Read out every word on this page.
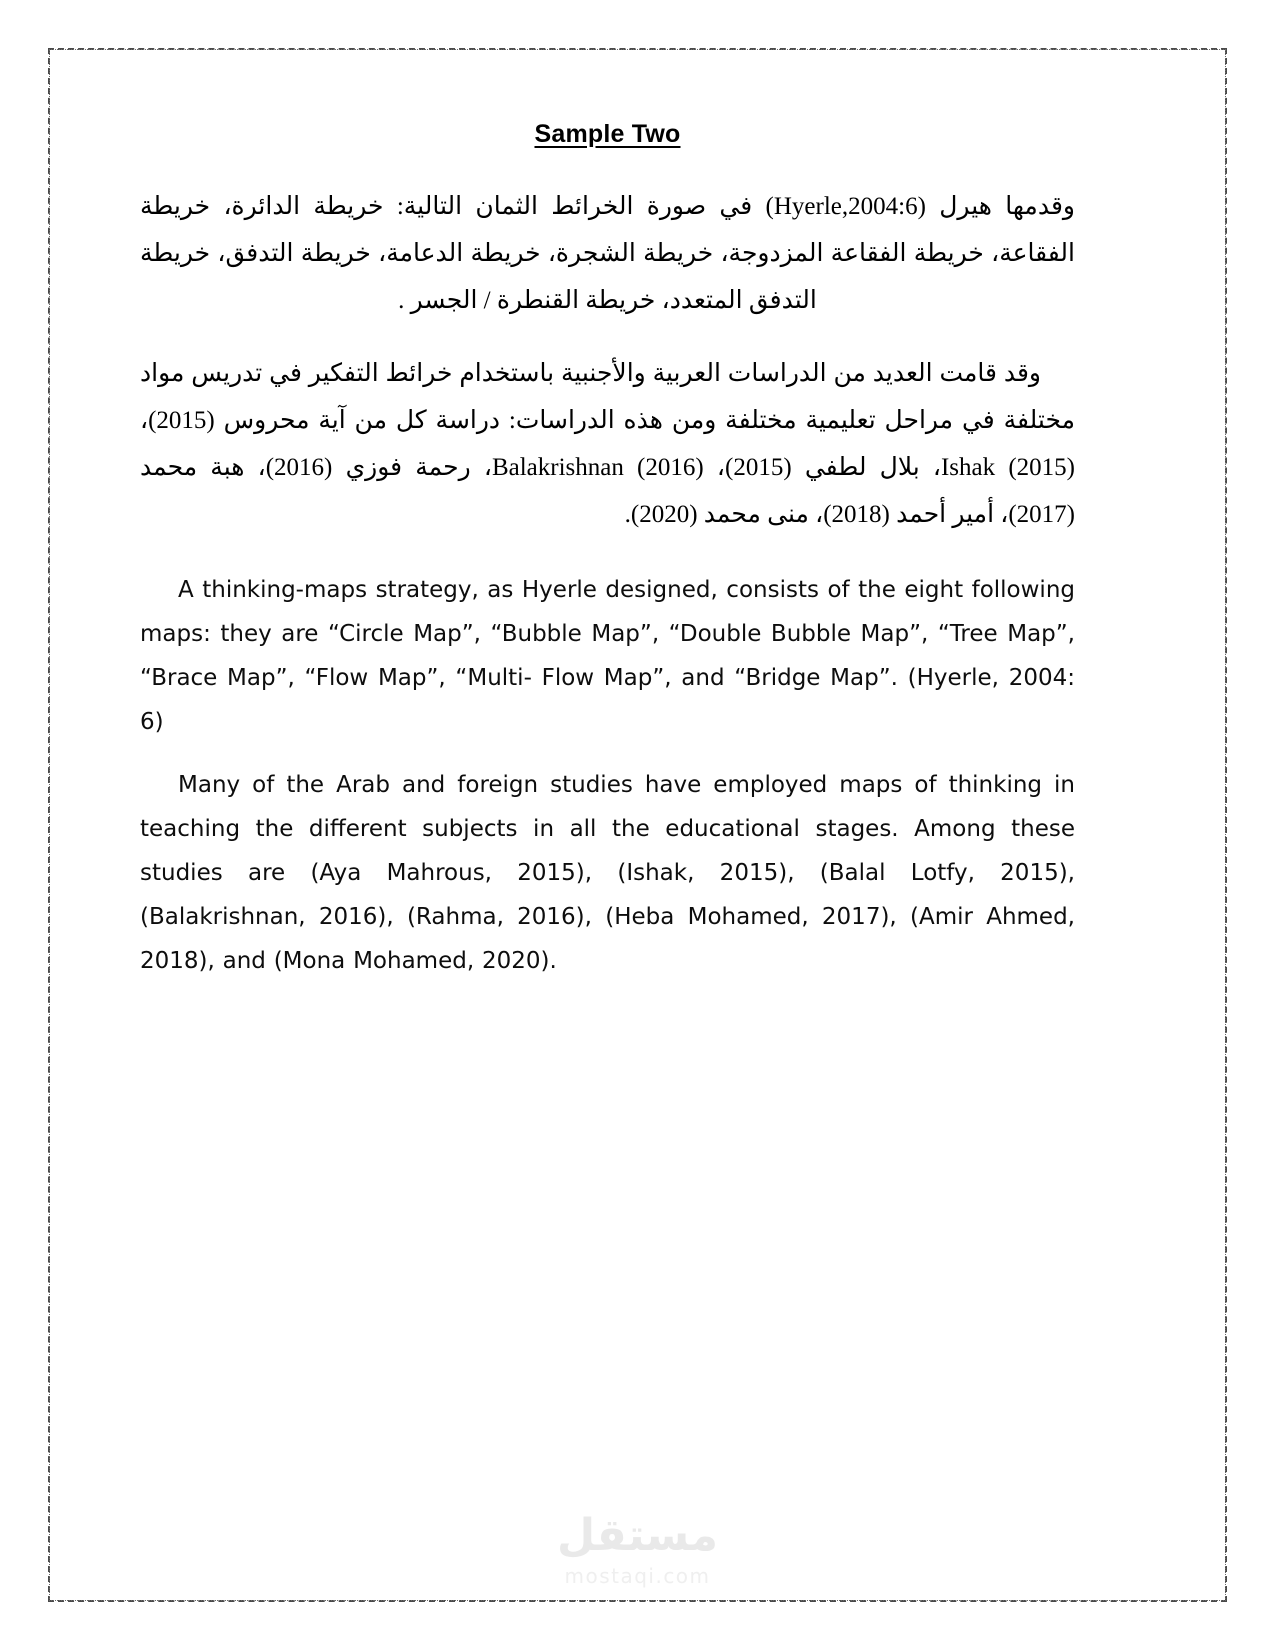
Sample Two

وقدمها هيرل (Hyerle,2004:6) في صورة الخرائط الثمان التالية: خريطة الدائرة، خريطة الفقاعة، خريطة الفقاعة المزدوجة، خريطة الشجرة، خريطة الدعامة، خريطة التدفق، خريطة التدفق المتعدد، خريطة القنطرة / الجسر .

وقد قامت العديد من الدراسات العربية والأجنبية باستخدام خرائط التفكير في تدريس مواد مختلفة في مراحل تعليمية مختلفة ومن هذه الدراسات: دراسة كل من آية محروس (2015)، (2015) Ishak، بلال لطفي (2015)، (2016) Balakrishnan، رحمة فوزي (2016)، هبة محمد (2017)، أمير أحمد (2018)، منى محمد (2020).

A thinking-maps strategy, as Hyerle designed, consists of the eight following maps: they are “Circle Map”, “Bubble Map”, “Double Bubble Map”, “Tree Map”, “Brace Map”, “Flow Map”, “Multi- Flow Map”, and “Bridge Map”. (Hyerle, 2004: 6)

Many of the Arab and foreign studies have employed maps of thinking in teaching the different subjects in all the educational stages. Among these studies are (Aya Mahrous, 2015), (Ishak, 2015), (Balal Lotfy, 2015), (Balakrishnan, 2016), (Rahma, 2016), (Heba Mohamed, 2017), (Amir Ahmed, 2018), and (Mona Mohamed, 2020).

مستقل
mostaqi.com
